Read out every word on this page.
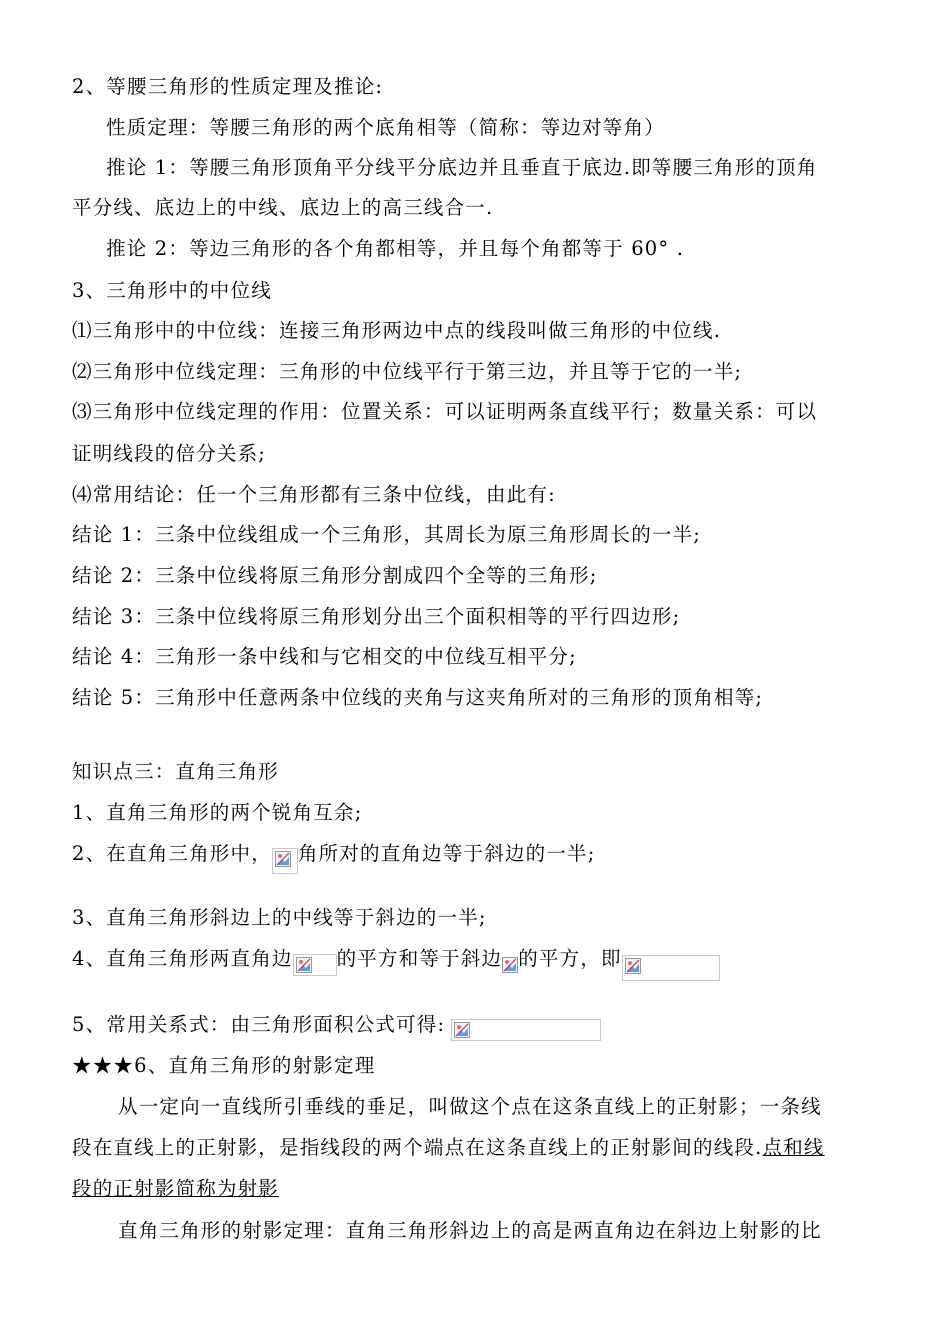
2、等腰三角形的性质定理及推论:
性质定理：等腰三角形的两个底角相等（简称：等边对等角）
推论 1：等腰三角形顶角平分线平分底边并且垂直于底边.即等腰三角形的顶角
平分线、底边上的中线、底边上的高三线合一.
推论 2：等边三角形的各个角都相等，并且每个角都等于 60° .
3、三角形中的中位线
⑴三角形中的中位线：连接三角形两边中点的线段叫做三角形的中位线.
⑵三角形中位线定理：三角形的中位线平行于第三边，并且等于它的一半;
⑶三角形中位线定理的作用：位置关系：可以证明两条直线平行；数量关系：可以
证明线段的倍分关系;
⑷常用结论：任一个三角形都有三条中位线，由此有:
结论 1：三条中位线组成一个三角形，其周长为原三角形周长的一半;
结论 2：三条中位线将原三角形分割成四个全等的三角形;
结论 3：三条中位线将原三角形划分出三个面积相等的平行四边形;
结论 4：三角形一条中线和与它相交的中位线互相平分;
结论 5：三角形中任意两条中位线的夹角与这夹角所对的三角形的顶角相等;
知识点三：直角三角形
1、直角三角形的两个锐角互余;
2、在直角三角形中， 角所对的直角边等于斜边的一半;
3、直角三角形斜边上的中线等于斜边的一半;
4、直角三角形两直角边 的平方和等于斜边 的平方，即
5、常用关系式：由三角形面积公式可得:
★★★6、直角三角形的射影定理
从一定向一直线所引垂线的垂足，叫做这个点在这条直线上的正射影；一条线
段在直线上的正射影，是指线段的两个端点在这条直线上的正射影间的线段.点和线
段的正射影简称为射影
直角三角形的射影定理：直角三角形斜边上的高是两直角边在斜边上射影的比
